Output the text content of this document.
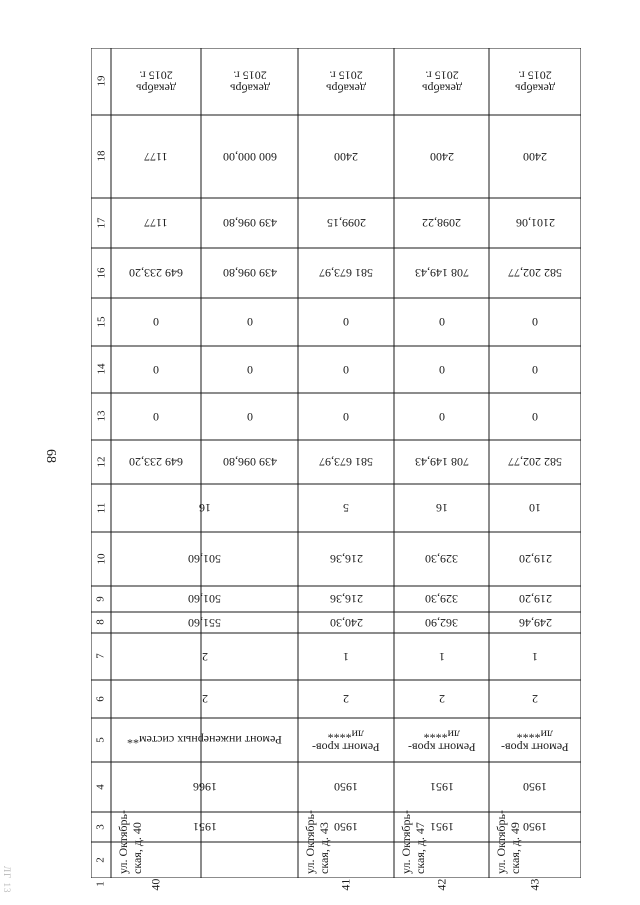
68
ЛГ 13	1
2
3
4
5
6
7
8
9
10
11
12
13
14
15
16
17
18
19
40
ул. Октябрь- ская, д. 40	1951
1966
Ремонт инженерных систем**
2
2
551,60
501,60
501,60
16
649 233,20
0
0
0
649 233,20
1177
1177
декабрь
2015 г.
439 096,80
0
0
0
439 096,80
439 096,80
600 000,00
декабрь
2015 г.
41
ул. Октябрь- ская, д. 43 1950
1950
Ремонт кров-
ли****
2
1
240,30
216,36
216,36
5
581 673,97
0
0
0
581 673,97
2099,15
2400
декабрь
2015 г.
42
ул. Октябрь- ская, д. 47 1951
1951
Ремонт кров-
ли****
2
1
362,90
329,30
329,30
16
708 149,43
0
0
0
708 149,43
2098,22
2400
декабрь
2015 г.
43
ул. Октябрь- ская, д. 49 1950
1950
Ремонт кров-
ли****
2
1
249,46
219,20
219,20
10
582 202,77
0
0
0
582 202,77
2101,06
2400
декабрь
2015 г.
